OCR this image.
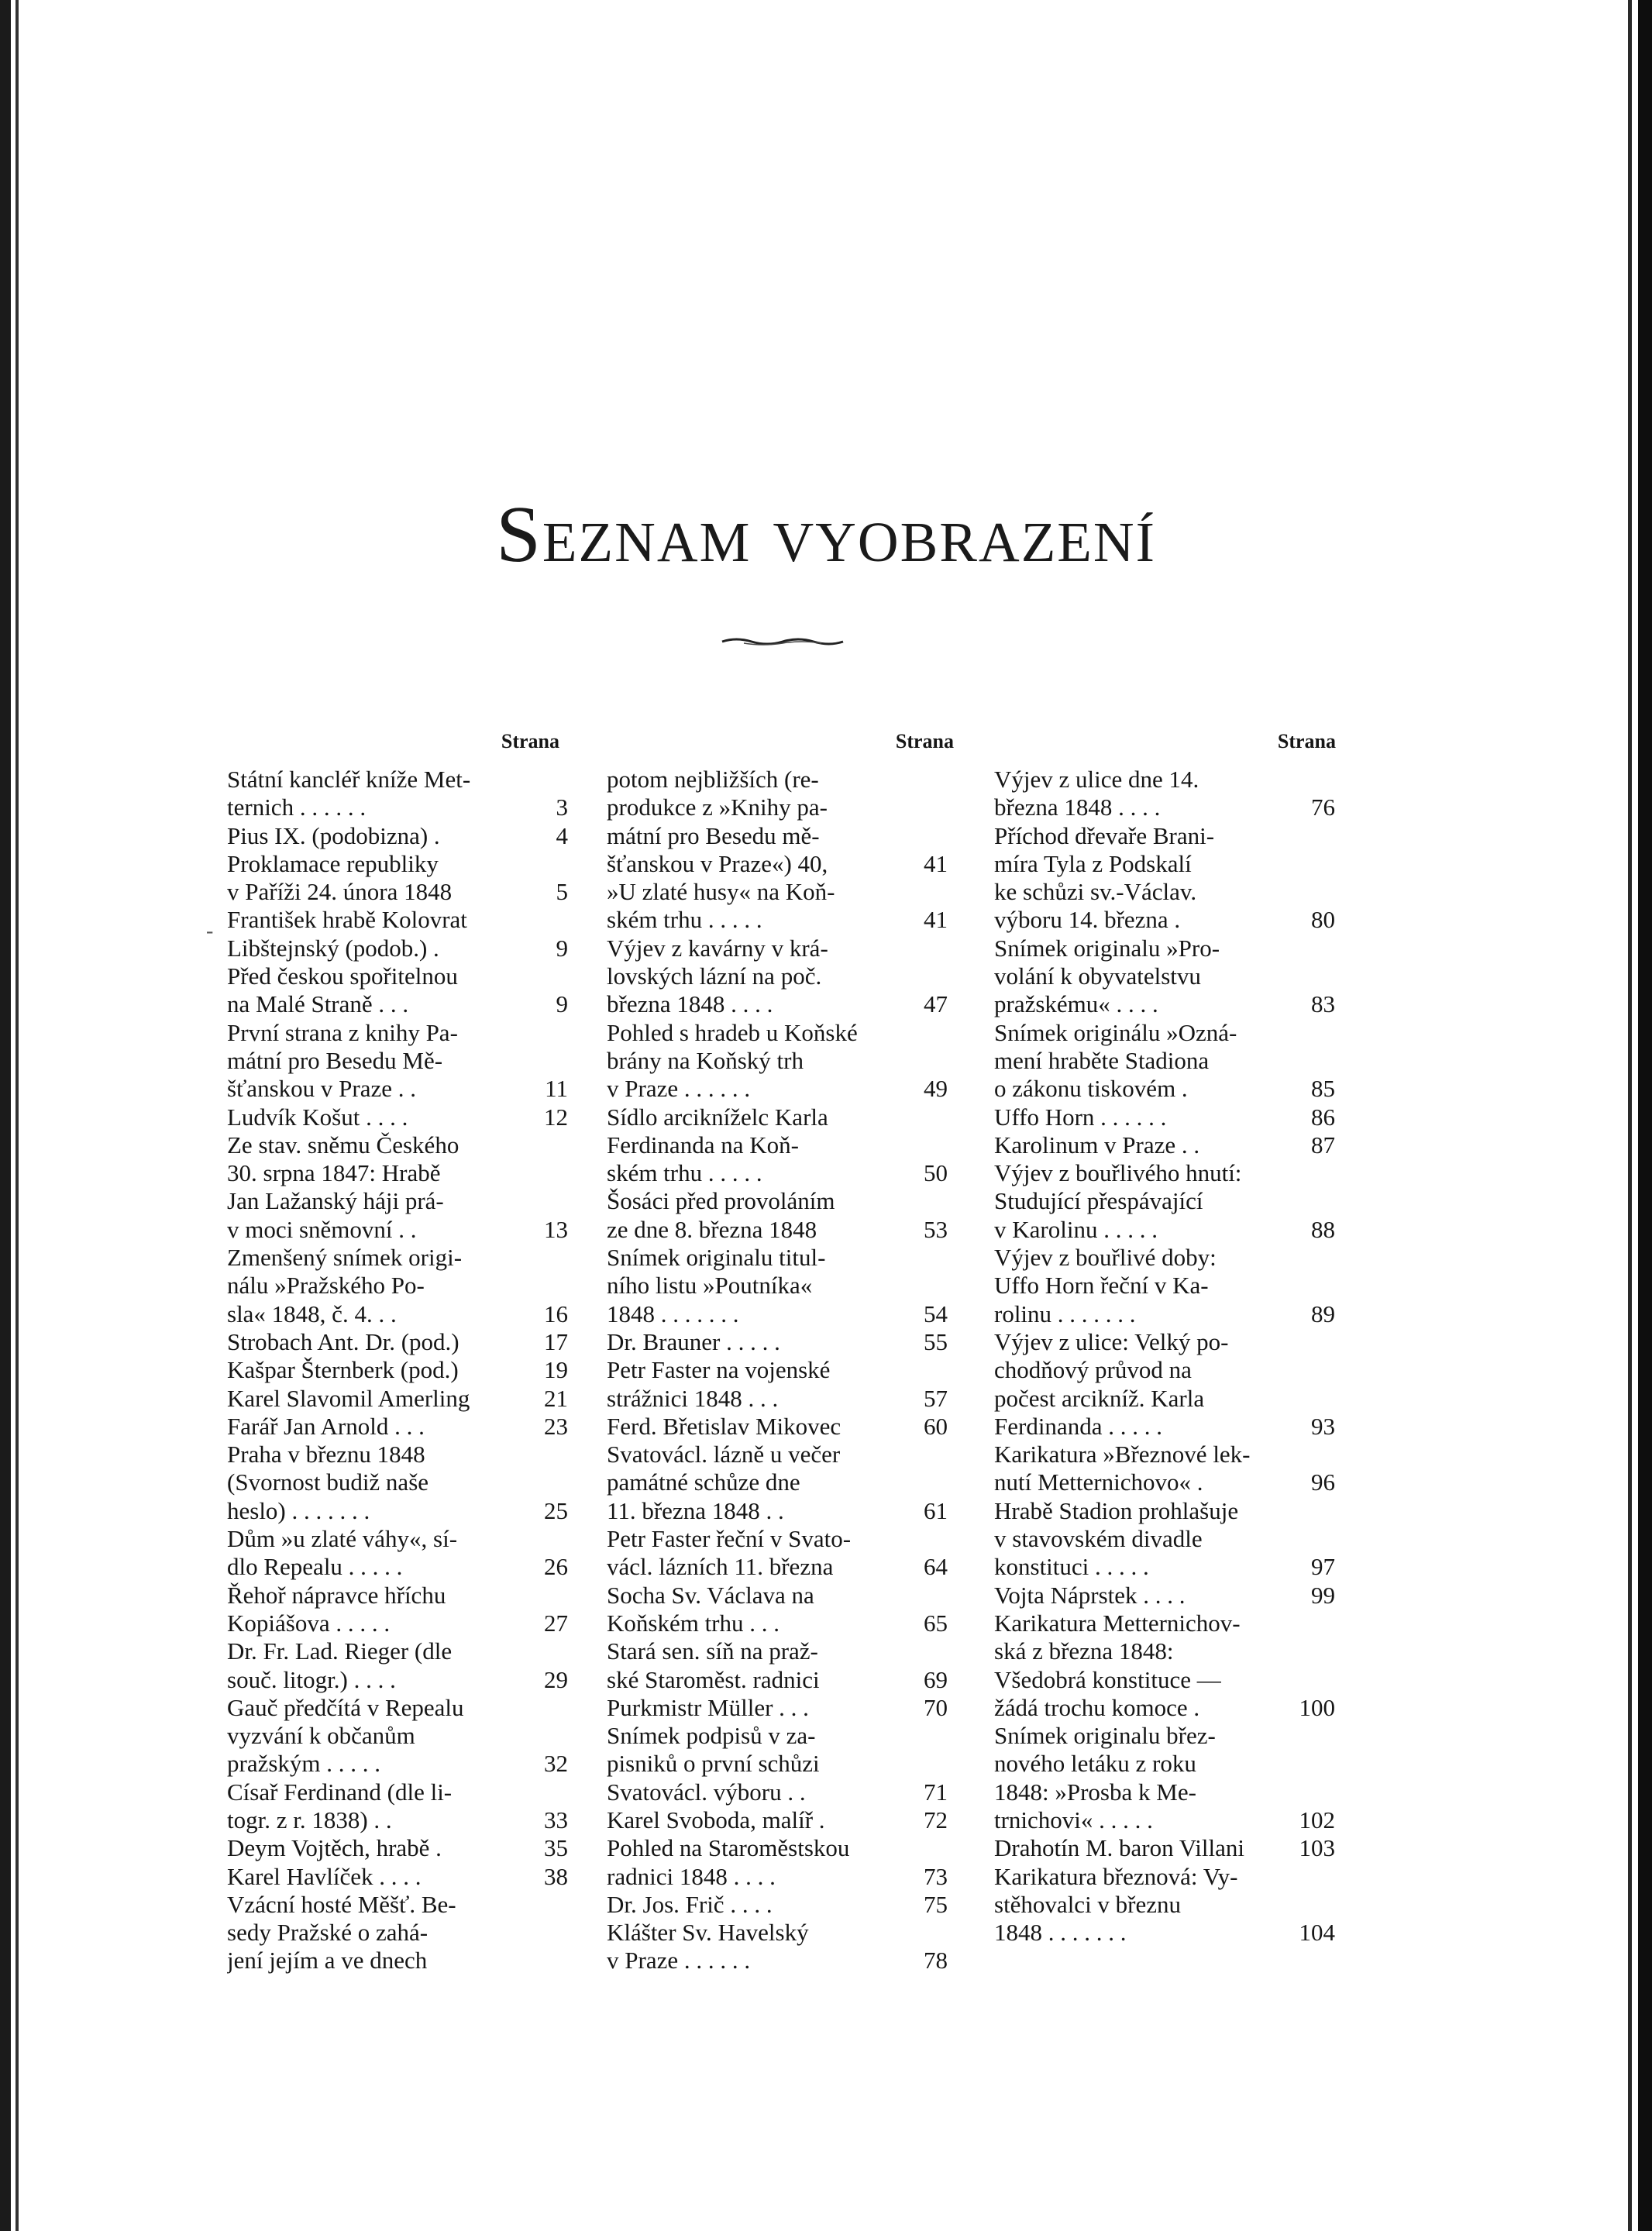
Seznam vyobrazení
Strana	Strana	Strana
Státní kancléř kníže Met-
ternich . . . . . .	3
Pius IX. (podobizna) .	4
Proklamace republiky
v Paříži 24. února 1848	5
František hrabě Kolovrat
Libštejnský (podob.) .	9
Před českou spořitelnou
na Malé Straně . . .	9
První strana z knihy Pa-
mátní pro Besedu Mě-
šťanskou v Praze . .	11
Ludvík Košut . . . .	12
Ze stav. sněmu Českého
30. srpna 1847: Hrabě
Jan Lažanský háji prá-
v moci sněmovní . .	13
Zmenšený snímek origi-
nálu »Pražského Po-
sla« 1848, č. 4. . .	16
Strobach Ant. Dr. (pod.)	17
Kašpar Šternberk (pod.)	19
Karel Slavomil Amerling	21
Farář Jan Arnold . . .	23
Praha v březnu 1848
(Svornost budiž naše
heslo) . . . . . . .	25
Dům »u zlaté váhy«, sí-
dlo Repealu . . . . .	26
Řehoř nápravce hříchu
Kopiášova . . . . .	27
Dr. Fr. Lad. Rieger (dle
souč. litogr.) . . . .	29
Gauč předčítá v Repealu
vyzvání k občanům
pražským . . . . .	32
Císař Ferdinand (dle li-
togr. z r. 1838) . .	33
Deym Vojtěch, hrabě .	35
Karel Havlíček . . . .	38
Vzácní hosté Měšť. Be-
sedy Pražské o zahá-
jení jejím a ve dnech
potom nejbližších (re-
produkce z »Knihy pa-
mátní pro Besedu mě-
šťanskou v Praze«) 40,	41
»U zlaté husy« na Koň-
ském trhu . . . . .	41
Výjev z kavárny v krá-
lovských lázní na poč.
března 1848 . . . .	47
Pohled s hradeb u Koňské
brány na Koňský trh
v Praze . . . . . .	49
Sídlo arcikníželc Karla
Ferdinanda na Koň-
ském trhu . . . . .	50
Šosáci před provoláním
ze dne 8. března 1848	53
Snímek originalu titul-
ního listu »Poutníka«
1848 . . . . . . .	54
Dr. Brauner . . . . .	55
Petr Faster na vojenské
strážnici 1848 . . .	57
Ferd. Břetislav Mikovec	60
Svatovácl. lázně u večer
památné schůze dne
11. března 1848 . .	61
Petr Faster řeční v Svato-
václ. lázních 11. března	64
Socha Sv. Václava na
Koňském trhu . . .	65
Stará sen. síň na praž-
ské Staroměst. radnici	69
Purkmistr Müller . . .	70
Snímek podpisů v za-
pisniků o první schůzi
Svatovácl. výboru . .	71
Karel Svoboda, malíř .	72
Pohled na Staroměstskou
radnici 1848 . . . .	73
Dr. Jos. Frič . . . .	75
Klášter Sv. Havelský
v Praze . . . . . .	78
Výjev z ulice dne 14.
března 1848 . . . .	76
Příchod dřevaře Brani-
míra Tyla z Podskalí
ke schůzi sv.-Václav.
výboru 14. března .	80
Snímek originalu »Pro-
volání k obyvatelstvu
pražskému« . . . .	83
Snímek originálu »Ozná-
mení hraběte Stadiona
o zákonu tiskovém .	85
Uffo Horn . . . . . .	86
Karolinum v Praze . .	87
Výjev z bouřlivého hnutí:
Studující přespávající
v Karolinu . . . . .	88
Výjev z bouřlivé doby:
Uffo Horn řeční v Ka-
rolinu . . . . . . .	89
Výjev z ulice: Velký po-
chodňový průvod na
počest arcikníž. Karla
Ferdinanda . . . . .	93
Karikatura »Březnové lek-
nutí Metternichovo« .	96
Hrabě Stadion prohlašuje
v stavovském divadle
konstituci . . . . .	97
Vojta Náprstek . . . .	99
Karikatura Metternichov-
ská z března 1848:
Všedobrá konstituce —
žádá trochu komoce .	100
Snímek originalu břez-
nového letáku z roku
1848: »Prosba k Me-
trnichovi« . . . . .	102
Drahotín M. baron Villani	103
Karikatura březnová: Vy-
stěhovalci v březnu
1848 . . . . . . .	104
-
